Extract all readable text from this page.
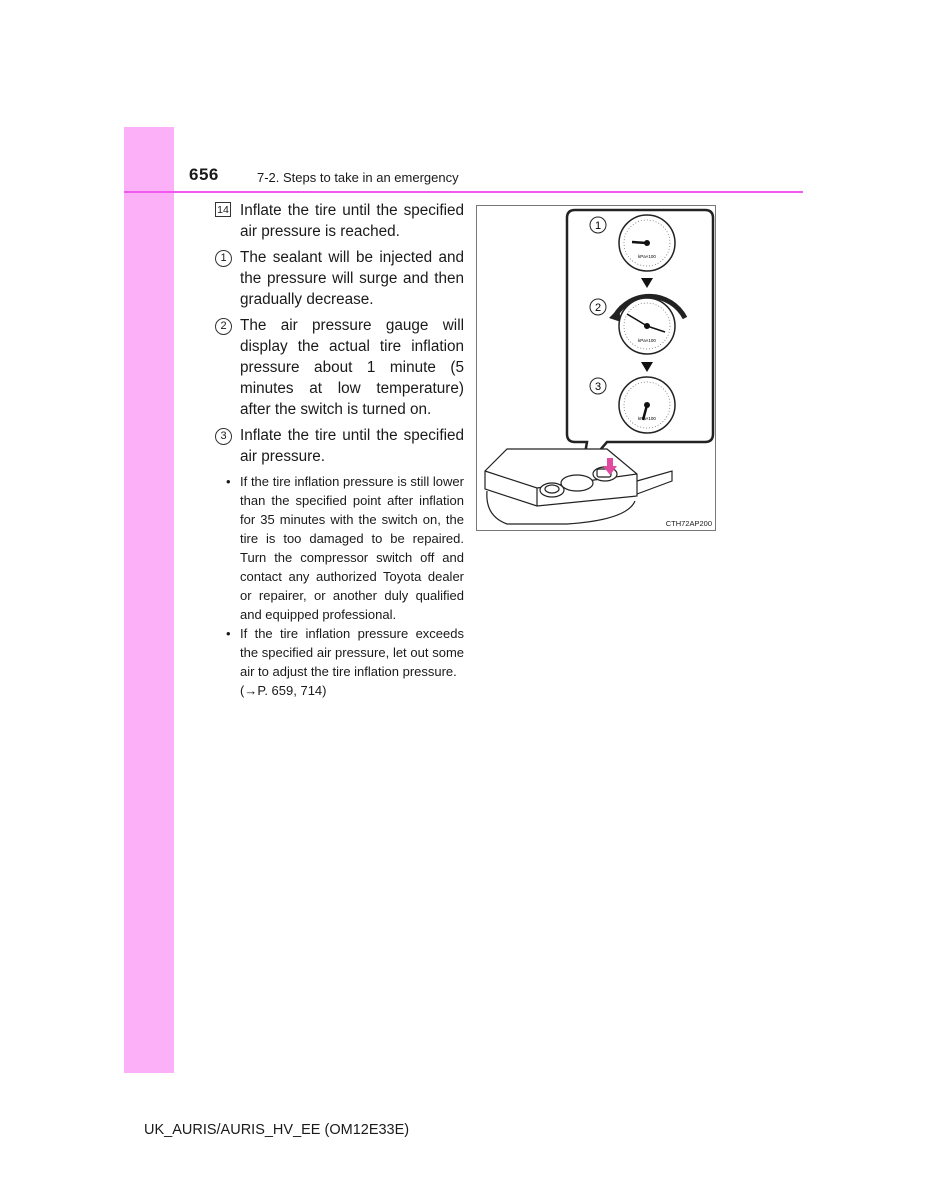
656	7-2. Steps to take in an emergency
14 Inflate the tire until the specified air pressure is reached.
1 The sealant will be injected and the pressure will surge and then gradually decrease.
2 The air pressure gauge will display the actual tire inflation pressure about 1 minute (5 minutes at low temperature) after the switch is turned on.
3 Inflate the tire until the specified air pressure.
• If the tire inflation pressure is still lower than the specified point after inflation for 35 minutes with the switch on, the tire is too damaged to be repaired. Turn the compressor switch off and contact any authorized Toyota dealer or repairer, or another duly qualified and equipped professional.
• If the tire inflation pressure exceeds the specified air pressure, let out some air to adjust the tire inflation pressure.
(→P. 659, 714)
1
2
3
kPa×100
kPa×100
kPa×100
CTH72AP200
UK_AURIS/AURIS_HV_EE (OM12E33E)
